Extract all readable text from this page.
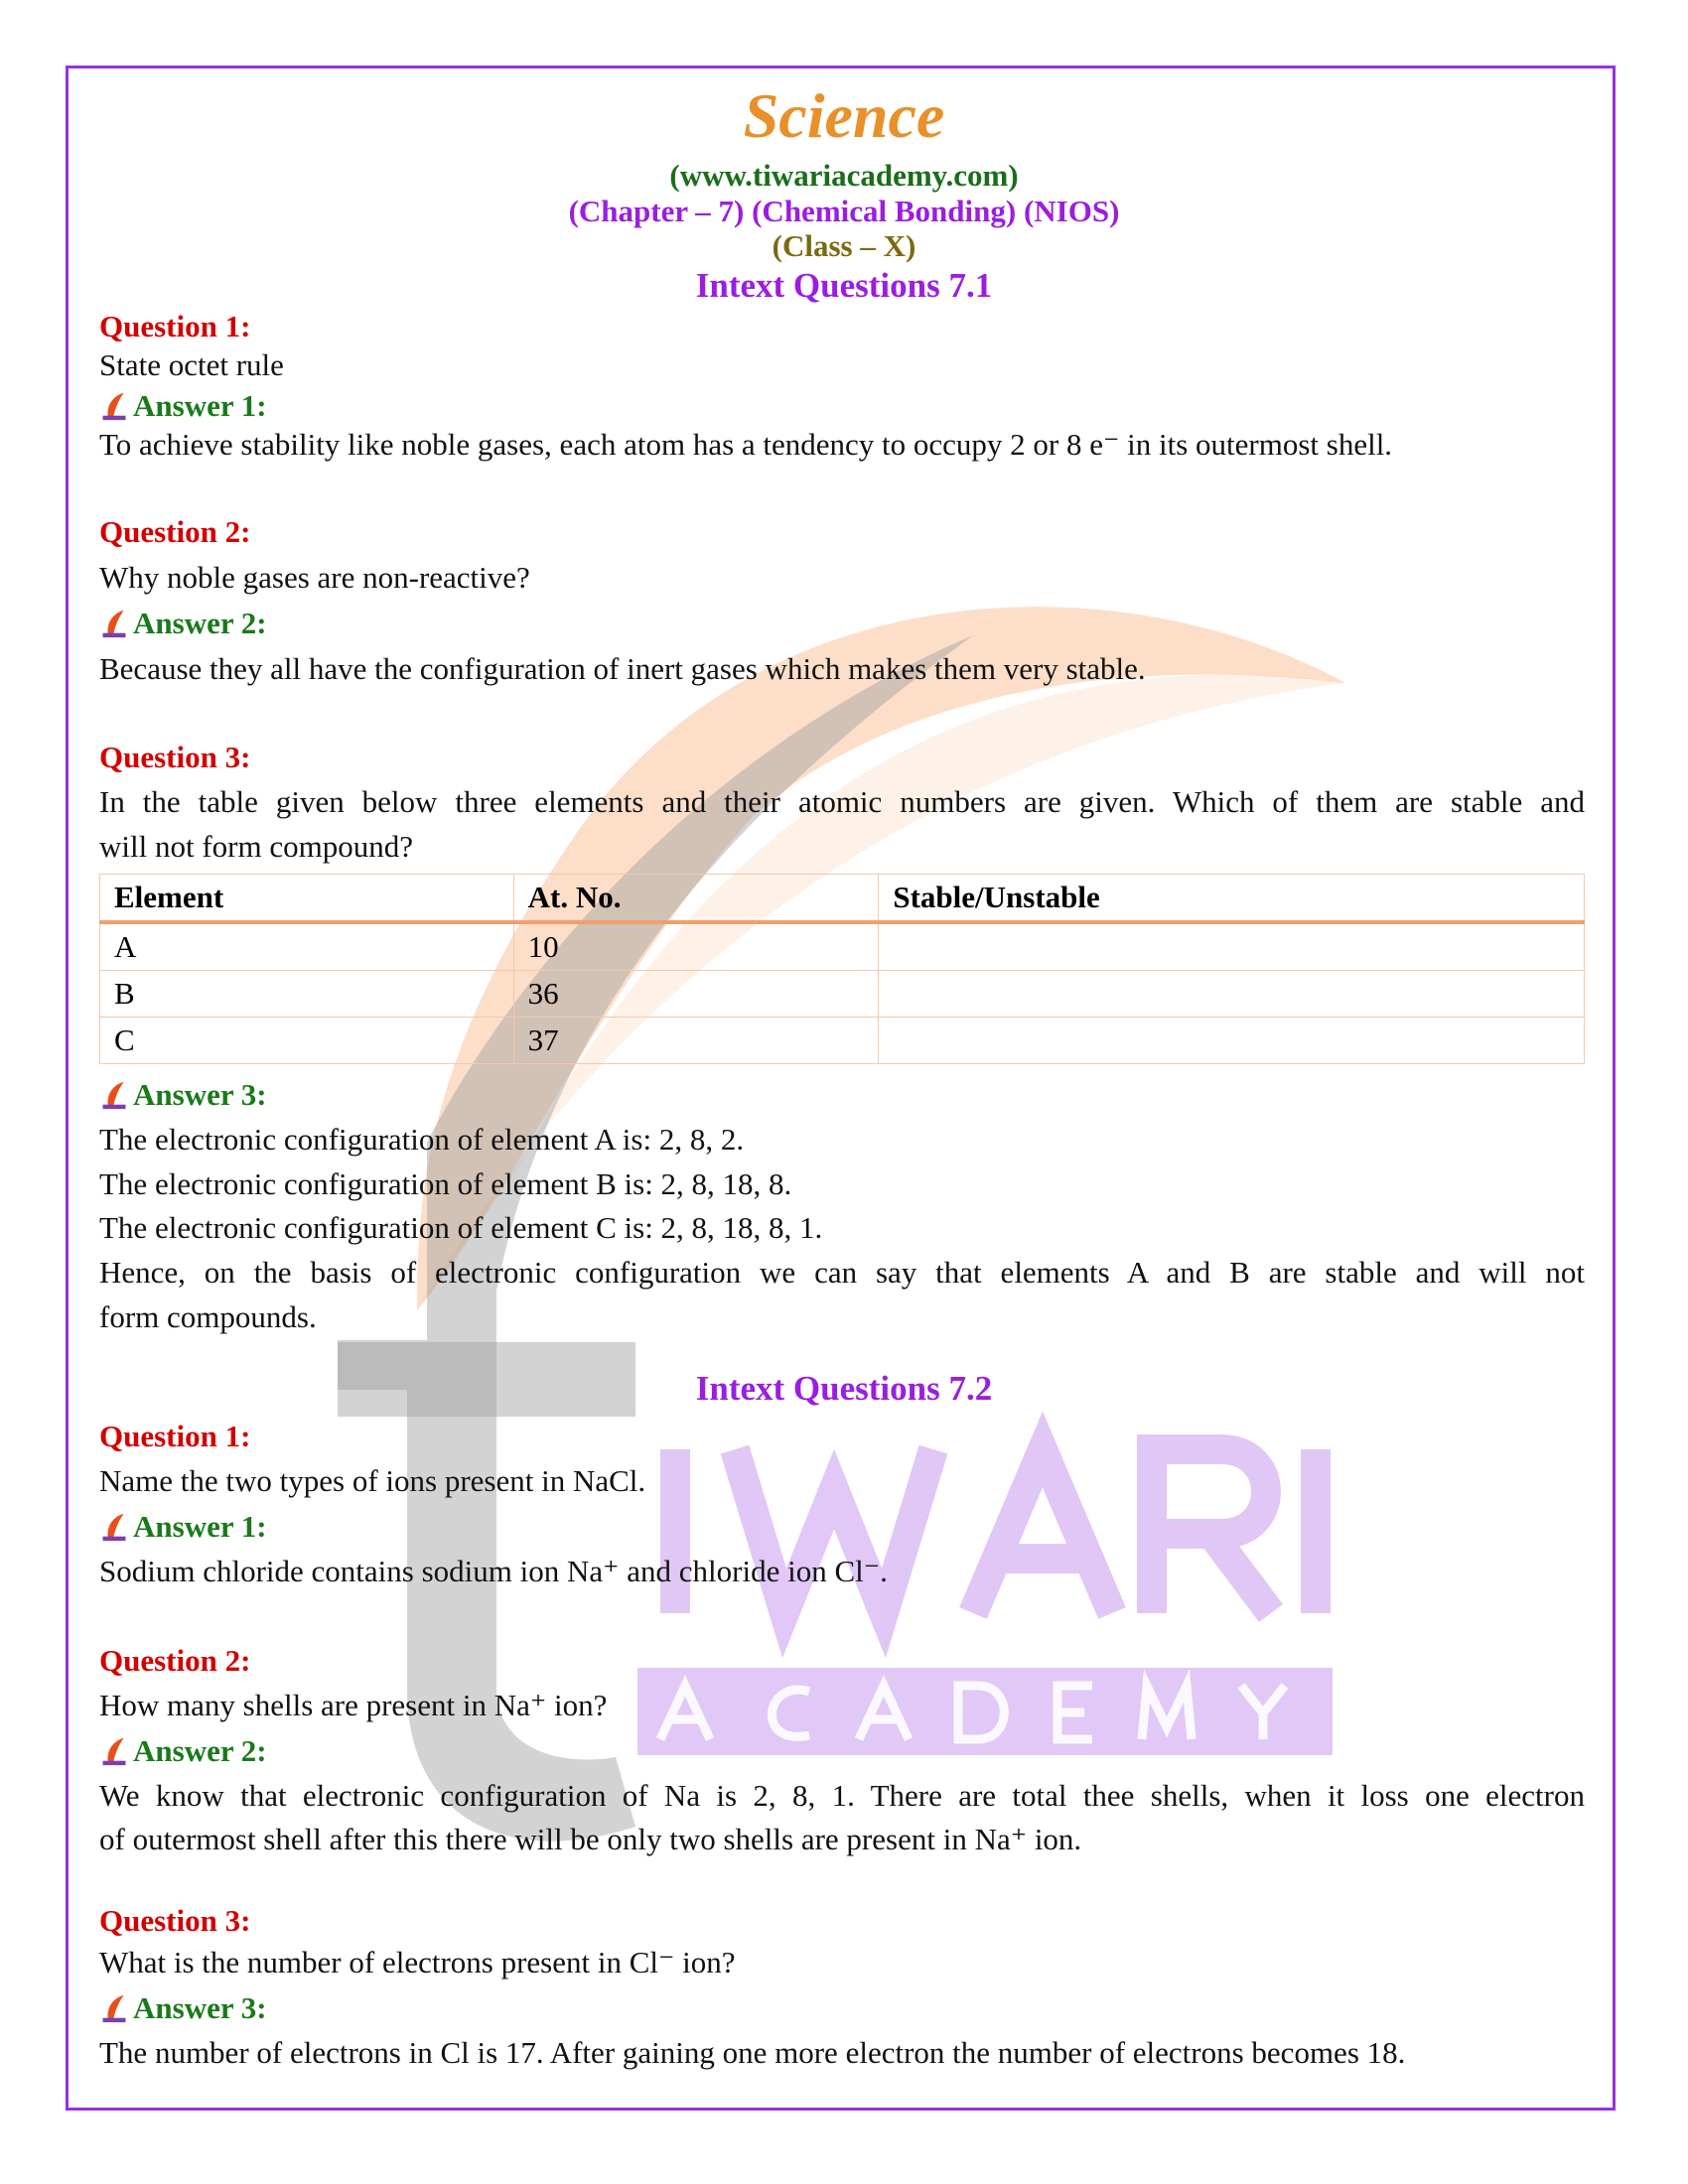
Science
(www.tiwariacademy.com)
(Chapter – 7) (Chemical Bonding) (NIOS)
(Class – X)
Intext Questions 7.1
Question 1:
State octet rule
Answer 1:
To achieve stability like noble gases, each atom has a tendency to occupy 2 or 8 e⁻ in its outermost shell.
Question 2:
Why noble gases are non-reactive?
Answer 2:
Because they all have the configuration of inert gases which makes them very stable.
Question 3:
In the table given below three elements and their atomic numbers are given. Which of them are stable and
will not form compound?
Element	At. No.	Stable/Unstable
A	10	
B	36	
C	37	
Answer 3:
The electronic configuration of element A is: 2, 8, 2.
The electronic configuration of element B is: 2, 8, 18, 8.
The electronic configuration of element C is: 2, 8, 18, 8, 1.
Hence, on the basis of electronic configuration we can say that elements A and B are stable and will not
form compounds.
Intext Questions 7.2
Question 1:
Name the two types of ions present in NaCl.
Answer 1:
Sodium chloride contains sodium ion Na⁺ and chloride ion Cl⁻.
Question 2:
How many shells are present in Na⁺ ion?
Answer 2:
We know that electronic configuration of Na is 2, 8, 1. There are total thee shells, when it loss one electron
of outermost shell after this there will be only two shells are present in Na⁺ ion.
Question 3:
What is the number of electrons present in Cl⁻ ion?
Answer 3:
The number of electrons in Cl is 17. After gaining one more electron the number of electrons becomes 18.
